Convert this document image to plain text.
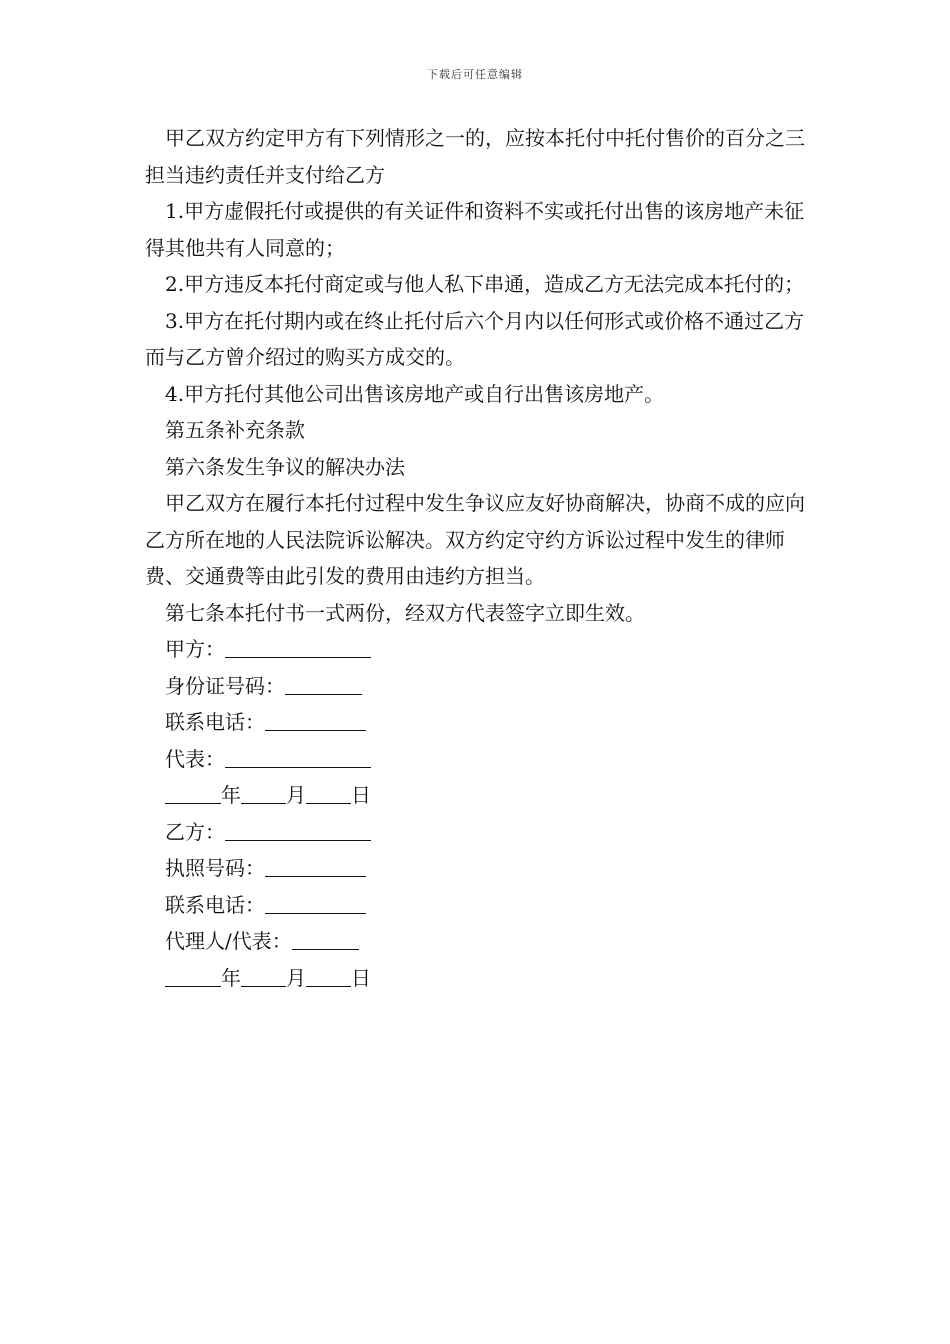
下载后可任意编辑

甲乙双方约定甲方有下列情形之一的，应按本托付中托付售价的百分之三担当违约责任并支付给乙方

1.甲方虚假托付或提供的有关证件和资料不实或托付出售的该房地产未征得其他共有人同意的；

2.甲方违反本托付商定或与他人私下串通，造成乙方无法完成本托付的；

3.甲方在托付期内或在终止托付后六个月内以任何形式或价格不通过乙方而与乙方曾介绍过的购买方成交的。

4.甲方托付其他公司出售该房地产或自行出售该房地产。

第五条补充条款

第六条发生争议的解决办法

甲乙双方在履行本托付过程中发生争议应友好协商解决，协商不成的应向乙方所在地的人民法院诉讼解决。双方约定守约方诉讼过程中发生的律师费、交通费等由此引发的费用由违约方担当。

第七条本托付书一式两份，经双方代表签字立即生效。

甲方：
身份证号码：
联系电话：
代表：
年 月 日
乙方：
执照号码：
联系电话：
代理人/代表：
年 月 日
